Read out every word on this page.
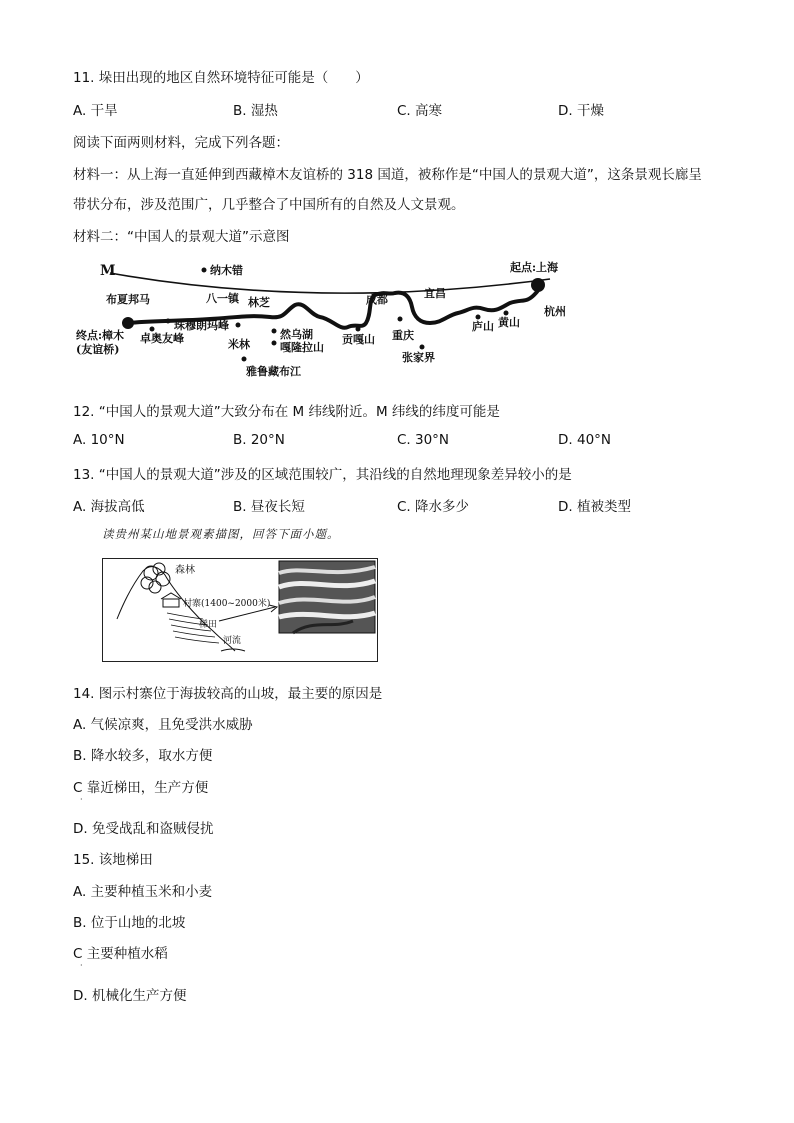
11. 垛田出现的地区自然环境特征可能是（　　）
A. 干旱	B. 湿热	C. 高寒	D. 干燥
阅读下面两则材料，完成下列各题：
材料一：从上海一直延伸到西藏樟木友谊桥的 318 国道，被称作是“中国人的景观大道”，这条景观长廊呈
带状分布，涉及范围广，几乎整合了中国所有的自然及人文景观。
材料二：“中国人的景观大道”示意图
M	起点:上海
终点:樟木
(友谊桥)
纳木错
布夏邦马	八一镇 林芝	成都	宜昌
杭州
卓奥友峰
珠穆朗玛峰
米林
然乌湖
嘎隆拉山
贡嘎山 重庆
庐山 黄山
张家界
雅鲁藏布江
12. “中国人的景观大道”大致分布在 M 纬线附近。M 纬线的纬度可能是
A. 10°N	B. 20°N	C. 30°N	D. 40°N
13. “中国人的景观大道”涉及的区域范围较广，其沿线的自然地理现象差异较小的是
A. 海拔高低	B. 昼夜长短	C. 降水多少	D. 植被类型
读贵州某山地景观素描图，回答下面小题。
森林
村寨(1400~2000米)
梯田
河流
14. 图示村寨位于海拔较高的山坡，最主要的原因是
A. 气候凉爽，且免受洪水威胁
B. 降水较多，取水方便
C 靠近梯田，生产方便
·
D. 免受战乱和盗贼侵扰
15. 该地梯田
A. 主要种植玉米和小麦
B. 位于山地的北坡
C 主要种植水稻
·
D. 机械化生产方便
